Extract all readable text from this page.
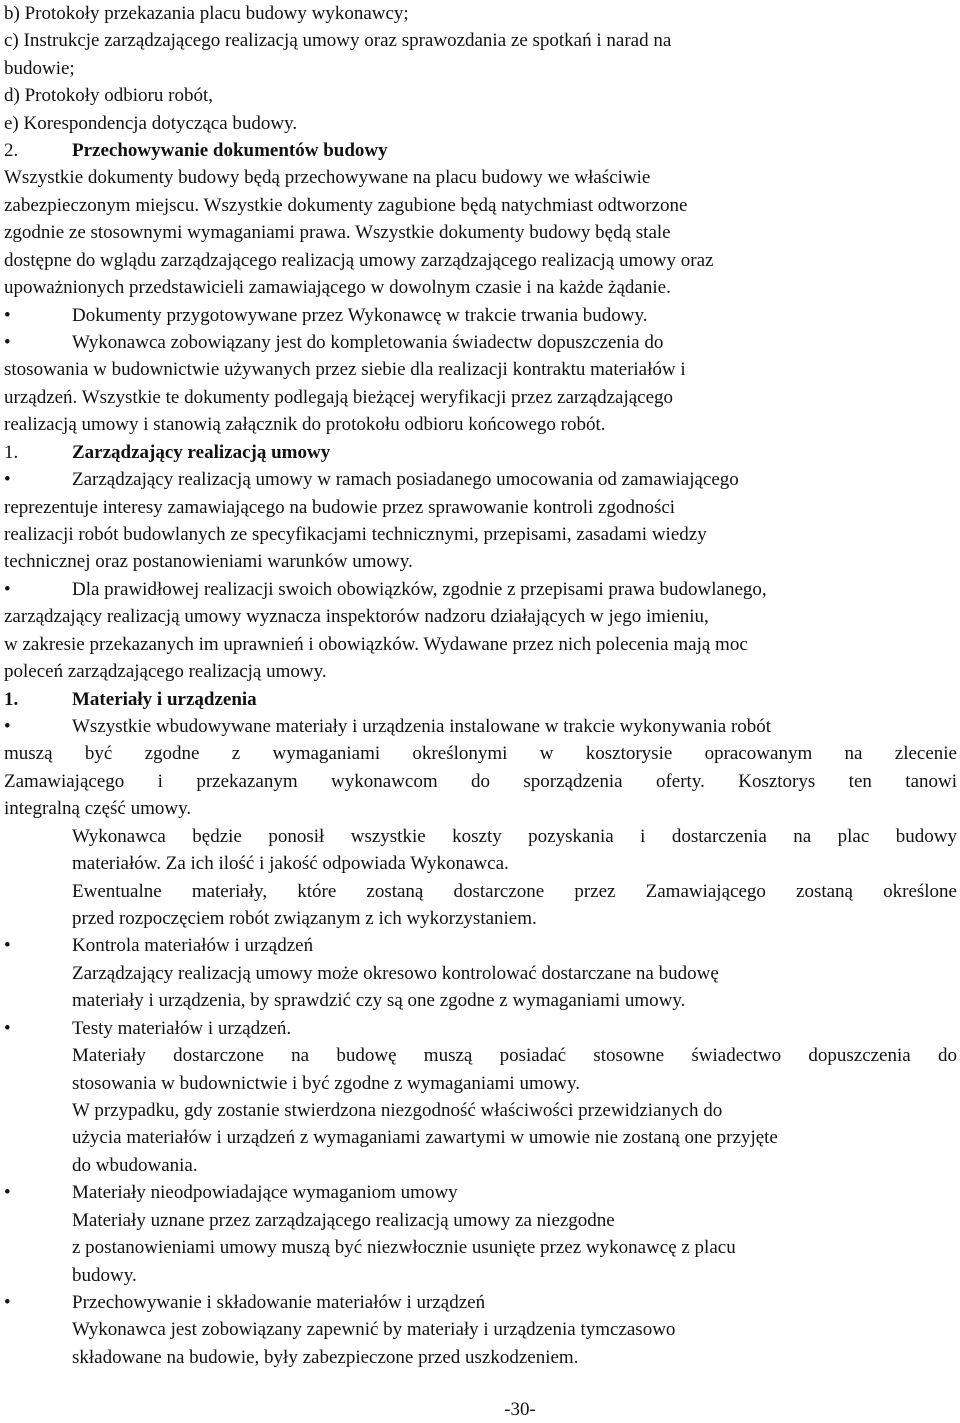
b) Protokoły przekazania placu budowy wykonawcy;
c) Instrukcje zarządzającego realizacją umowy oraz sprawozdania ze spotkań i narad na
budowie;
d) Protokoły odbioru robót,
e) Korespondencja dotycząca budowy.
2.	Przechowywanie dokumentów budowy
Wszystkie dokumenty budowy będą przechowywane na placu budowy we właściwie
zabezpieczonym miejscu. Wszystkie dokumenty zagubione będą natychmiast odtworzone
zgodnie ze stosownymi wymaganiami prawa. Wszystkie dokumenty budowy będą stale
dostępne do wglądu zarządzającego realizacją umowy zarządzającego realizacją umowy oraz
upoważnionych przedstawicieli zamawiającego w dowolnym czasie i na każde żądanie.
•	Dokumenty przygotowywane przez Wykonawcę w trakcie trwania budowy.
•	Wykonawca zobowiązany jest do kompletowania świadectw dopuszczenia do
stosowania w budownictwie używanych przez siebie dla realizacji kontraktu materiałów i
urządzeń. Wszystkie te dokumenty podlegają bieżącej weryfikacji przez zarządzającego
realizacją umowy i stanowią załącznik do protokołu odbioru końcowego robót.
1.	Zarządzający realizacją umowy
•	Zarządzający realizacją umowy w ramach posiadanego umocowania od zamawiającego
reprezentuje interesy zamawiającego na budowie przez sprawowanie kontroli zgodności
realizacji robót budowlanych ze specyfikacjami technicznymi, przepisami, zasadami wiedzy
technicznej oraz postanowieniami warunków umowy.
•	Dla prawidłowej realizacji swoich obowiązków, zgodnie z przepisami prawa budowlanego,
zarządzający realizacją umowy wyznacza inspektorów nadzoru działających w jego imieniu,
w zakresie przekazanych im uprawnień i obowiązków. Wydawane przez nich polecenia mają moc
poleceń zarządzającego realizacją umowy.
1.	Materiały i urządzenia
•	Wszystkie wbudowywane materiały i urządzenia instalowane w trakcie wykonywania robót
muszą być zgodne z wymaganiami określonymi w kosztorysie opracowanym na zlecenie
Zamawiającego i przekazanym wykonawcom do sporządzenia oferty. Kosztorys ten tanowi
integralną część umowy.
Wykonawca będzie ponosił wszystkie koszty pozyskania i dostarczenia na plac budowy
materiałów. Za ich ilość i jakość odpowiada Wykonawca.
Ewentualne materiały, które zostaną dostarczone przez Zamawiającego zostaną określone
przed rozpoczęciem robót związanym z ich wykorzystaniem.
•	Kontrola materiałów i urządzeń
Zarządzający realizacją umowy może okresowo kontrolować dostarczane na budowę
materiały i urządzenia, by sprawdzić czy są one zgodne z wymaganiami umowy.
•	Testy materiałów i urządzeń.
Materiały dostarczone na budowę muszą posiadać stosowne świadectwo dopuszczenia do
stosowania w budownictwie i być zgodne z wymaganiami umowy.
W przypadku, gdy zostanie stwierdzona niezgodność właściwości przewidzianych do
użycia materiałów i urządzeń z wymaganiami zawartymi w umowie nie zostaną one przyjęte
do wbudowania.
•	Materiały nieodpowiadające wymaganiom umowy
Materiały uznane przez zarządzającego realizacją umowy za niezgodne
z postanowieniami umowy muszą być niezwłocznie usunięte przez wykonawcę z placu
budowy.
•	Przechowywanie i składowanie materiałów i urządzeń
Wykonawca jest zobowiązany zapewnić by materiały i urządzenia tymczasowo
składowane na budowie, były zabezpieczone przed uszkodzeniem.
-30-
